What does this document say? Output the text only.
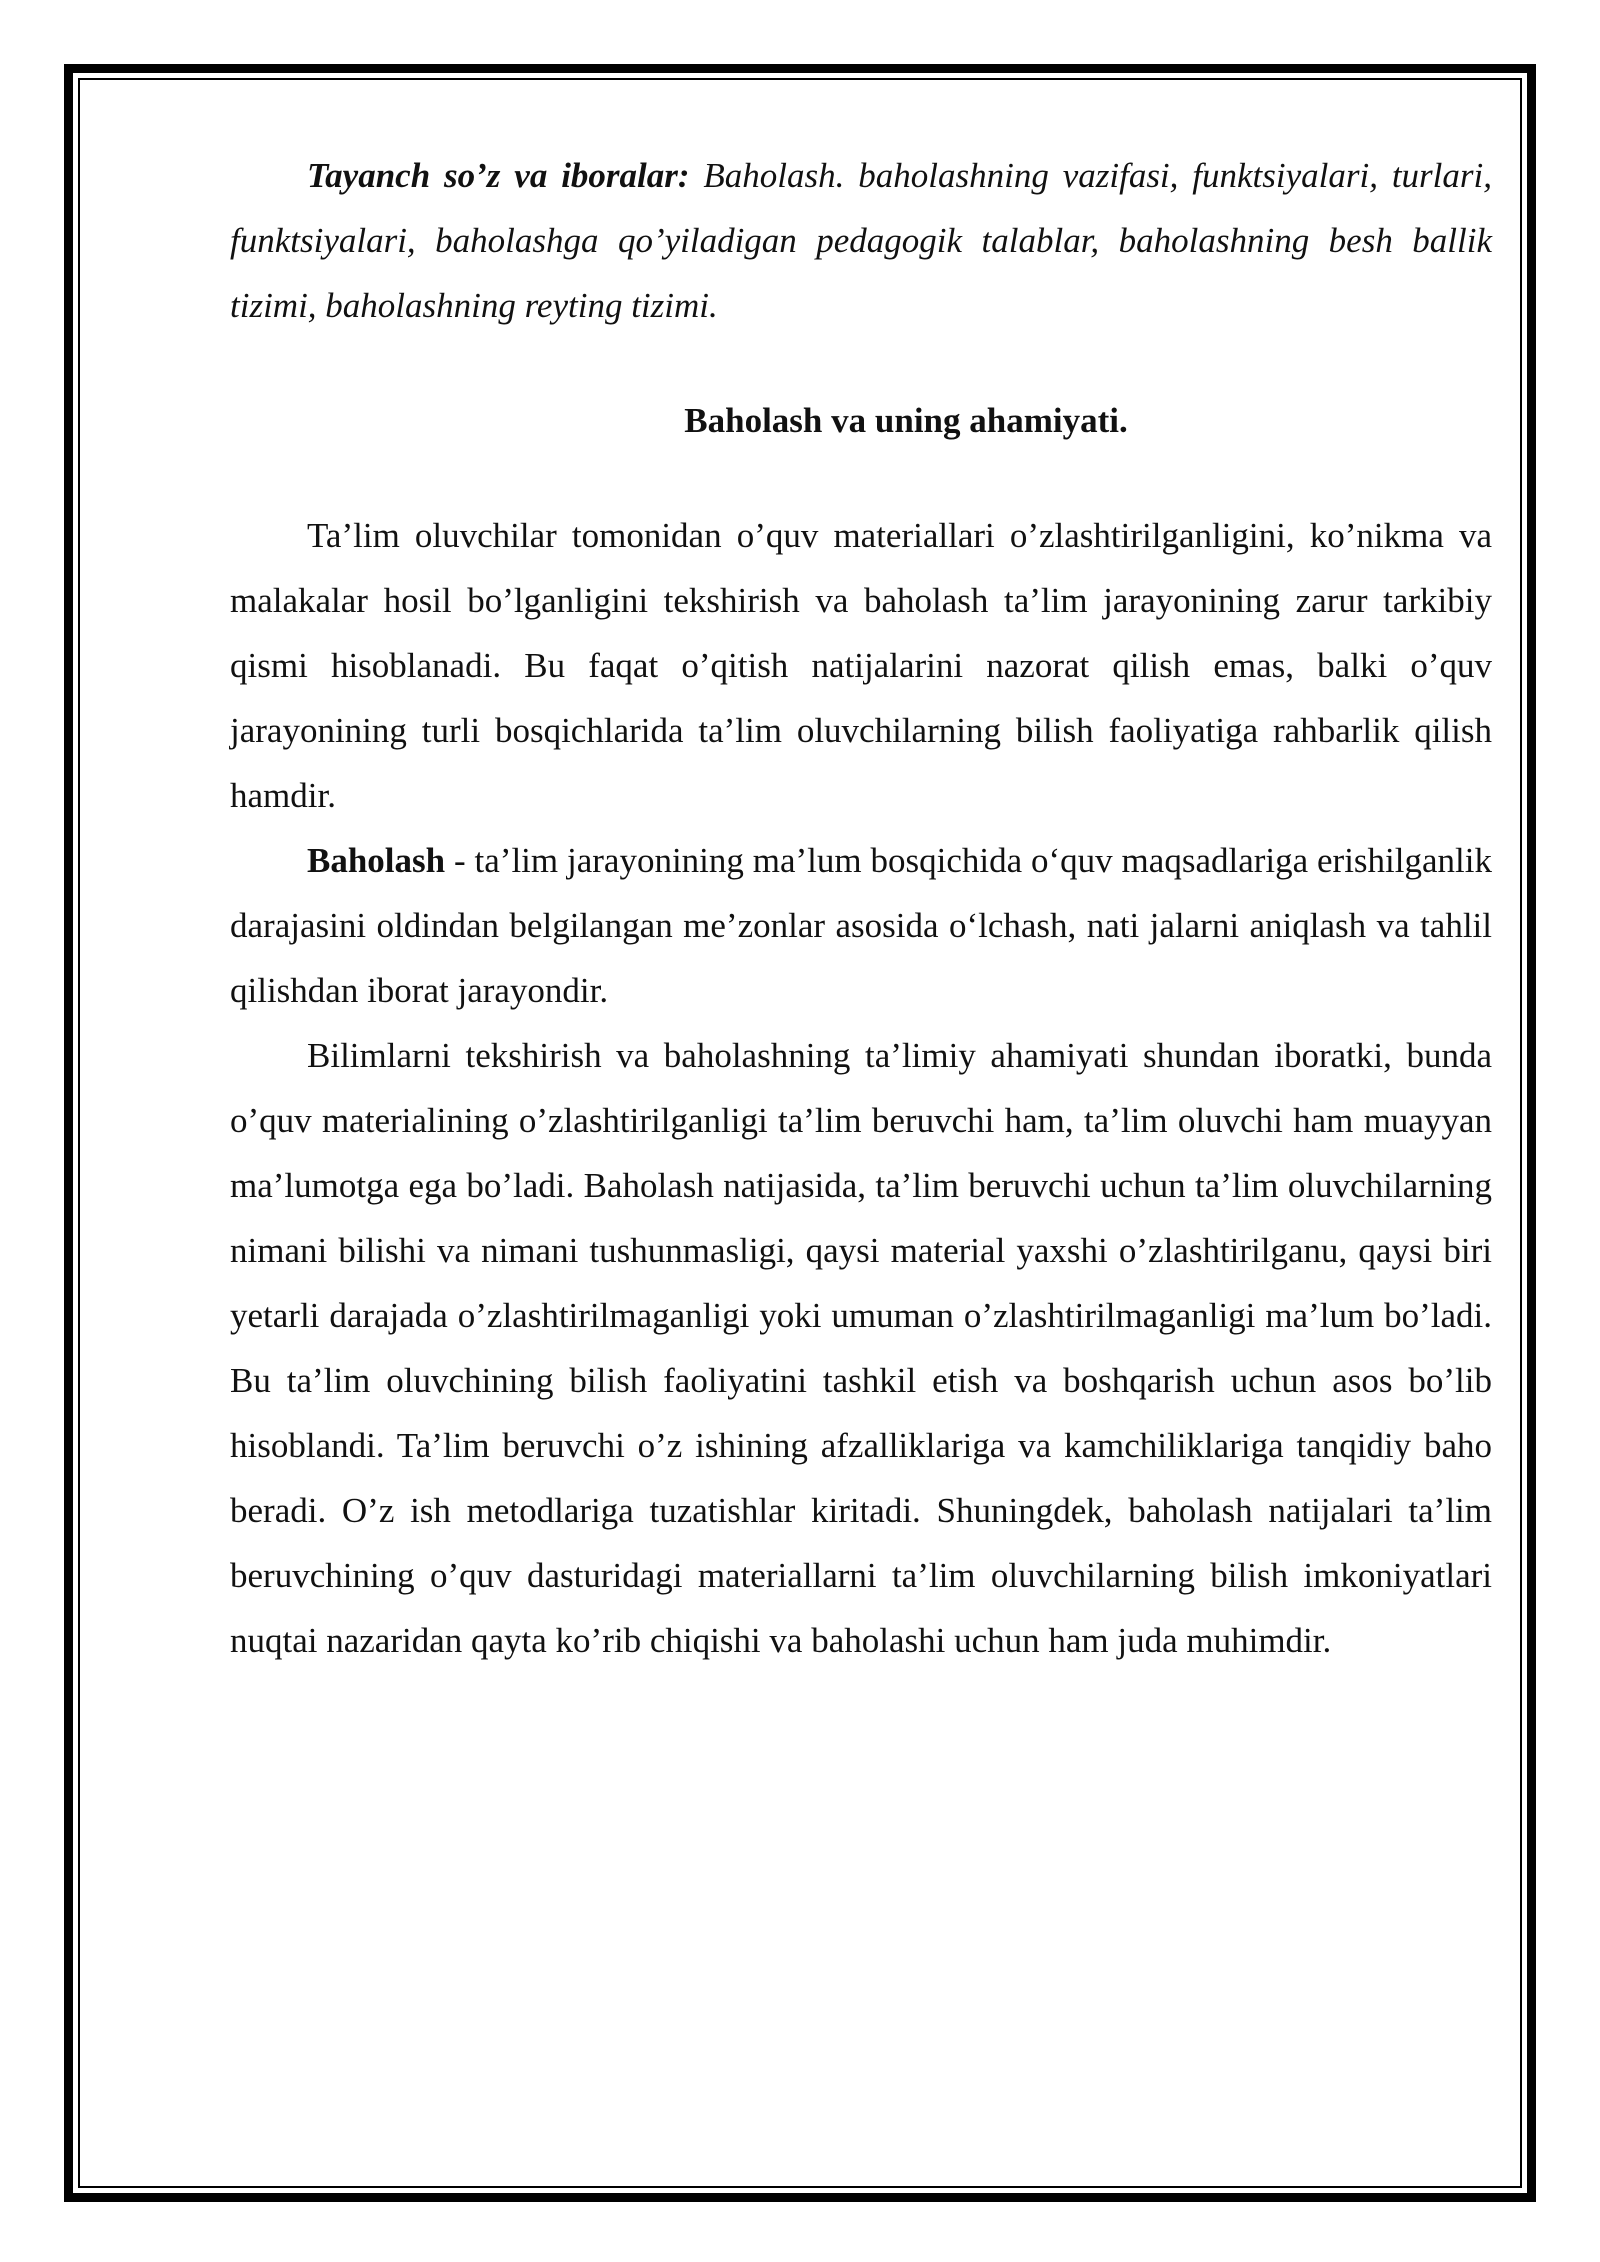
Tayanch so’z va iboralar: Baholash. baholashning vazifasi, funktsiyalari, turlari, funktsiyalari, baholashga qo’yiladigan pedagogik talablar, baholashning besh ballik tizimi, baholashning reyting tizimi.

Baholash va uning ahamiyati.

Ta’lim oluvchilar tomonidan o’quv materiallari o’zlashtirilganligini, ko’nikma va malakalar hosil bo’lganligini tekshirish va baholash ta’lim jarayonining zarur tarkibiy qismi hisoblanadi. Bu faqat o’qitish natijalarini nazorat qilish emas, balki o’quv jarayonining turli bosqichlarida ta’lim oluvchilarning bilish faoliyatiga rahbarlik qilish hamdir.

Baholash - ta’lim jarayonining ma’lum bosqichida o‘quv maqsadlariga erishilganlik darajasini oldindan belgilangan me’zonlar asosida o‘lchash, nati jalarni aniqlash va tahlil qilishdan iborat jarayondir.

Bilimlarni tekshirish va baholashning ta’limiy ahamiyati shundan iboratki, bunda o’quv materialining o’zlashtirilganligi ta’lim beruvchi ham, ta’lim oluvchi ham muayyan ma’lumotga ega bo’ladi. Baholash natijasida, ta’lim beruvchi uchun ta’lim oluvchilarning nimani bilishi va nimani tushunmasligi, qaysi material yaxshi o’zlashtirilganu, qaysi biri yetarli darajada o’zlashtirilmaganligi yoki umuman o’zlashtirilmaganligi ma’lum bo’ladi. Bu ta’lim oluvchining bilish faoliyatini tashkil etish va boshqarish uchun asos bo’lib hisoblandi. Ta’lim beruvchi o’z ishining afzalliklariga va kamchiliklariga tanqidiy baho beradi. O’z ish metodlariga tuzatishlar kiritadi. Shuningdek, baholash natijalari ta’lim beruvchining o’quv dasturidagi materiallarni ta’lim oluvchilarning bilish imkoniyatlari nuqtai nazaridan qayta ko’rib chiqishi va baholashi uchun ham juda muhimdir.
